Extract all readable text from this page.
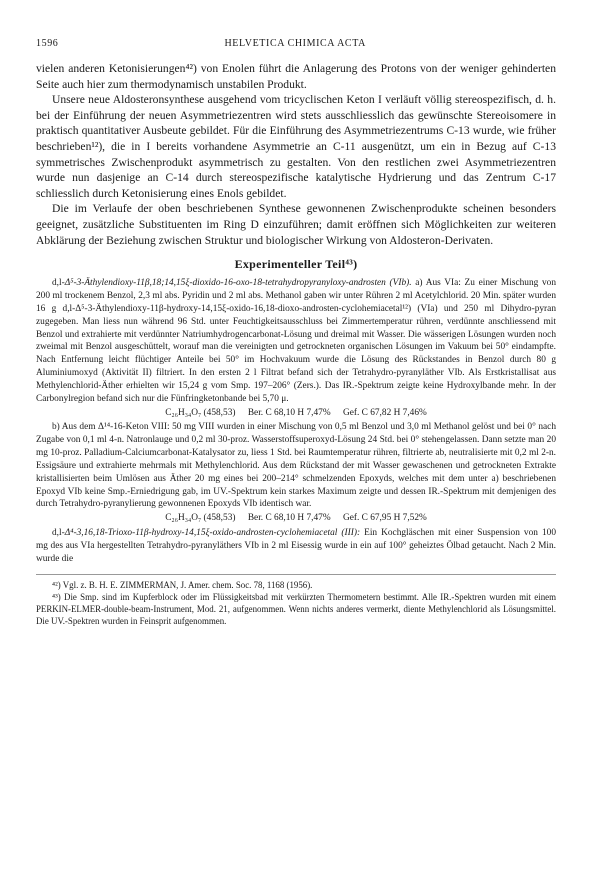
1596	HELVETICA CHIMICA ACTA

vielen anderen Ketonisierungen⁴²) von Enolen führt die Anlagerung des Protons von der weniger gehinderten Seite auch hier zum thermodynamisch unstabilen Produkt.

Unsere neue Aldosteronsynthese ausgehend vom tricyclischen Keton I verläuft völlig stereospezifisch, d. h. bei der Einführung der neuen Asymmetriezentren wird stets ausschliesslich das gewünschte Stereoisomere in praktisch quantitativer Ausbeute gebildet. Für die Einführung des Asymmetriezentrums C-13 wurde, wie früher beschrieben¹²), die in I bereits vorhandene Asymmetrie an C-11 ausgenützt, um ein in Bezug auf C-13 symmetrisches Zwischenprodukt asymmetrisch zu gestalten. Von den restlichen zwei Asymmetriezentren wurde nun dasjenige an C-14 durch stereospezifische katalytische Hydrierung und das Zentrum C-17 schliesslich durch Ketonisierung eines Enols gebildet.

Die im Verlaufe der oben beschriebenen Synthese gewonnenen Zwischenprodukte scheinen besonders geeignet, zusätzliche Substituenten im Ring D einzuführen; damit eröffnen sich Möglichkeiten zur weiteren Abklärung der Beziehung zwischen Struktur und biologischer Wirkung von Aldosteron-Derivaten.

Experimenteller Teil⁴³)

d,l-Δ⁵-3-Äthylendioxy-11β,18;14,15ξ-dioxido-16-oxo-18-tetrahydropyranyloxy-androsten (VIb). a) Aus VIa: Zu einer Mischung von 200 ml trockenem Benzol, 2,3 ml abs. Pyridin und 2 ml abs. Methanol gaben wir unter Rühren 2 ml Acetylchlorid. 20 Min. später wurden 16 g d,l-Δ⁵-3-Äthylendioxy-11β-hydroxy-14,15ξ-oxido-16,18-dioxo-androsten-cyclohemiacetal¹²) (VIa) und 250 ml Dihydro-pyran zugegeben. Man liess nun während 96 Std. unter Feuchtigkeitsausschluss bei Zimmertemperatur rühren, verdünnte anschliessend mit Benzol und extrahierte mit verdünnter Natriumhydrogencarbonat-Lösung und dreimal mit Wasser. Die wässerigen Lösungen wurden noch zweimal mit Benzol ausgeschüttelt, worauf man die vereinigten und getrockneten organischen Lösungen im Vakuum bei 50° eindampfte. Nach Entfernung leicht flüchtiger Anteile bei 50° im Hochvakuum wurde die Lösung des Rückstandes in Benzol durch 80 g Aluminiumoxyd (Aktivität II) filtriert. In den ersten 2 l Filtrat befand sich der Tetrahydro-pyranyläther VIb. Als Erstkristallisat aus Methylenchlorid-Äther erhielten wir 15,24 g vom Smp. 197–206° (Zers.). Das IR.-Spektrum zeigte keine Hydroxylbande mehr. In der Carbonylregion befand sich nur die Fünfringketonbande bei 5,70 μ.

C₂₆H₃₄O₇ (458,53) Ber. C 68,10 H 7,47% Gef. C 67,82 H 7,46%

b) Aus dem Δ¹⁴-16-Keton VIII: 50 mg VIII wurden in einer Mischung von 0,5 ml Benzol und 3,0 ml Methanol gelöst und bei 0° nach Zugabe von 0,1 ml 4-n. Natronlauge und 0,2 ml 30-proz. Wasserstoffsuperoxyd-Lösung 24 Std. bei 0° stehengelassen. Dann setzte man 20 mg 10-proz. Palladium-Calciumcarbonat-Katalysator zu, liess 1 Std. bei Raumtemperatur rühren, filtrierte ab, neutralisierte mit 0,2 ml 2-n. Essigsäure und extrahierte mehrmals mit Methylenchlorid. Aus dem Rückstand der mit Wasser gewaschenen und getrockneten Extrakte kristallisierten beim Umlösen aus Äther 20 mg eines bei 200–214° schmelzenden Epoxyds, welches mit dem unter a) beschriebenen Epoxyd VIb keine Smp.-Erniedrigung gab, im UV.-Spektrum kein starkes Maximum zeigte und dessen IR.-Spektrum mit demjenigen des durch Tetrahydro-pyranylierung gewonnenen Epoxyds VIb identisch war.

C₂₆H₃₄O₇ (458,53) Ber. C 68,10 H 7,47% Gef. C 67,95 H 7,52%

d,l-Δ⁴-3,16,18-Trioxo-11β-hydroxy-14,15ξ-oxido-androsten-cyclohemiacetal (III): Ein Kochgläschen mit einer Suspension von 100 mg des aus VIa hergestellten Tetrahydro-pyranyläthers VIb in 2 ml Eisessig wurde in ein auf 100° geheiztes Ölbad getaucht. Nach 2 Min. wurde die

⁴²) Vgl. z. B. H. E. ZIMMERMAN, J. Amer. chem. Soc. 78, 1168 (1956).

⁴³) Die Smp. sind im Kupferblock oder im Flüssigkeitsbad mit verkürzten Thermometern bestimmt. Alle IR.-Spektren wurden mit einem PERKIN-ELMER-double-beam-Instrument, Mod. 21, aufgenommen. Wenn nichts anderes vermerkt, diente Methylenchlorid als Lösungsmittel. Die UV.-Spektren wurden in Feinsprit aufgenommen.
